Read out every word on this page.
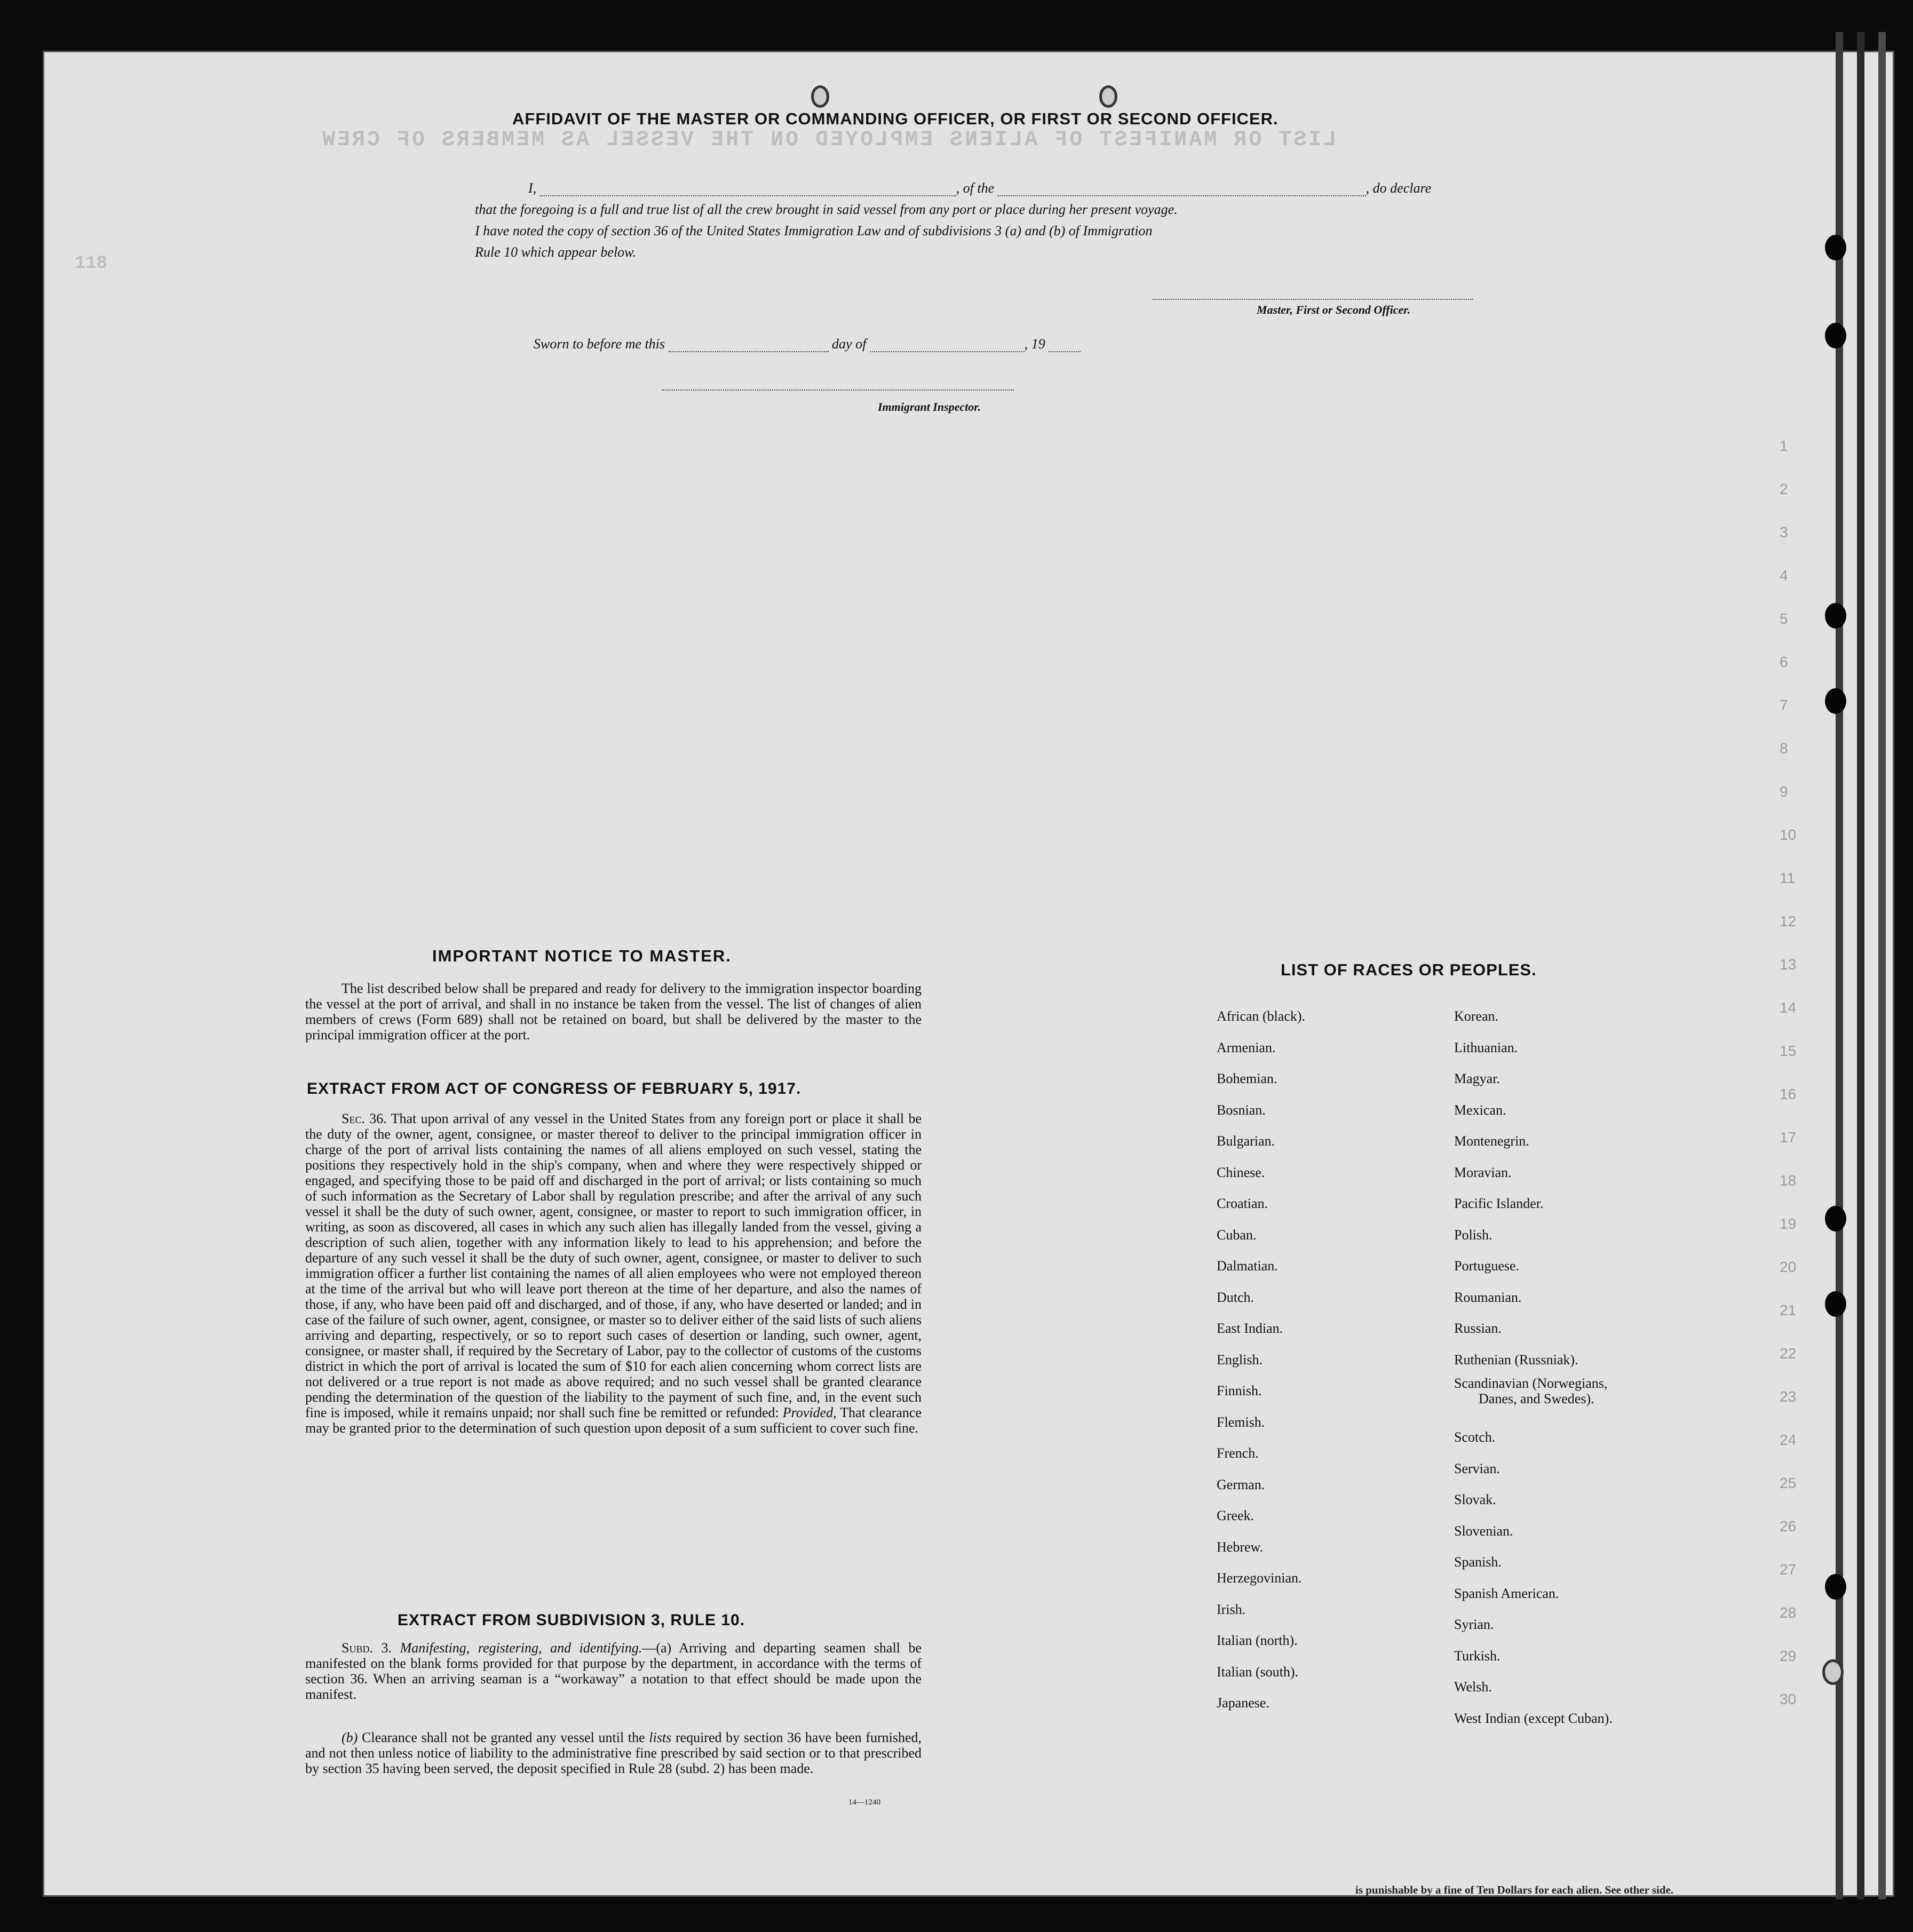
LIST OR MANIFEST OF ALIENS EMPLOYED ON THE VESSEL AS MEMBERS OF CREW
118
1
2
3
4
5
6
7
8
9
10
11
12
13
14
15
16
17
18
19
20
21
22
23
24
25
26
27
28
29
30
AFFIDAVIT OF THE MASTER OR COMMANDING OFFICER, OR FIRST OR SECOND OFFICER.
I,	, of the	, do declare
that the foregoing is a full and true list of all the crew brought in said vessel from any port or place during her present voyage.
I have noted the copy of section 36 of the United States Immigration Law and of subdivisions 3 (a) and (b) of Immigration
Rule 10 which appear below.
Master, First or Second Officer.
Sworn to before me this	day of	, 19
Immigrant Inspector.
IMPORTANT NOTICE TO MASTER.
The list described below shall be prepared and ready for delivery to the immigration inspector boarding the vessel at the port of arrival, and shall in no instance be taken from the vessel. The list of changes of alien members of crews (Form 689) shall not be retained on board, but shall be delivered by the master to the principal immigration officer at the port.
EXTRACT FROM ACT OF CONGRESS OF FEBRUARY 5, 1917.
Sec. 36. That upon arrival of any vessel in the United States from any foreign port or place it shall be the duty of the owner, agent, consignee, or master thereof to deliver to the principal immigration officer in charge of the port of arrival lists containing the names of all aliens employed on such vessel, stating the positions they respectively hold in the ship's company, when and where they were respectively shipped or engaged, and specifying those to be paid off and discharged in the port of arrival; or lists containing so much of such information as the Secretary of Labor shall by regulation prescribe; and after the arrival of any such vessel it shall be the duty of such owner, agent, consignee, or master to report to such immigration officer, in writing, as soon as discovered, all cases in which any such alien has illegally landed from the vessel, giving a description of such alien, together with any information likely to lead to his apprehension; and before the departure of any such vessel it shall be the duty of such owner, agent, consignee, or master to deliver to such immigration officer a further list containing the names of all alien employees who were not employed thereon at the time of the arrival but who will leave port thereon at the time of her departure, and also the names of those, if any, who have been paid off and discharged, and of those, if any, who have deserted or landed; and in case of the failure of such owner, agent, consignee, or master so to deliver either of the said lists of such aliens arriving and departing, respectively, or so to report such cases of desertion or landing, such owner, agent, consignee, or master shall, if required by the Secretary of Labor, pay to the collector of customs of the customs district in which the port of arrival is located the sum of $10 for each alien concerning whom correct lists are not delivered or a true report is not made as above required; and no such vessel shall be granted clearance pending the determination of the question of the liability to the payment of such fine, and, in the event such fine is imposed, while it remains unpaid; nor shall such fine be remitted or refunded: Provided, That clearance may be granted prior to the determination of such question upon deposit of a sum sufficient to cover such fine.
EXTRACT FROM SUBDIVISION 3, RULE 10.
Subd. 3. Manifesting, registering, and identifying.—(a) Arriving and departing seamen shall be manifested on the blank forms provided for that purpose by the department, in accordance with the terms of section 36. When an arriving seaman is a “workaway” a notation to that effect should be made upon the manifest.
(b) Clearance shall not be granted any vessel until the lists required by section 36 have been furnished, and not then unless notice of liability to the administrative fine prescribed by said section or to that prescribed by section 35 having been served, the deposit specified in Rule 28 (subd. 2) has been made.
14—1240
LIST OF RACES OR PEOPLES.
African (black).
Armenian.
Bohemian.
Bosnian.
Bulgarian.
Chinese.
Croatian.
Cuban.
Dalmatian.
Dutch.
East Indian.
English.
Finnish.
Flemish.
French.
German.
Greek.
Hebrew.
Herzegovinian.
Irish.
Italian (north).
Italian (south).
Japanese.
Korean.
Lithuanian.
Magyar.
Mexican.
Montenegrin.
Moravian.
Pacific Islander.
Polish.
Portuguese.
Roumanian.
Russian.
Ruthenian (Russniak).
Scandinavian (Norwegians,
Danes, and Swedes).
Scotch.
Servian.
Slovak.
Slovenian.
Spanish.
Spanish American.
Syrian.
Turkish.
Welsh.
West Indian (except Cuban).
is punishable by a fine of Ten Dollars for each alien. See other side.
